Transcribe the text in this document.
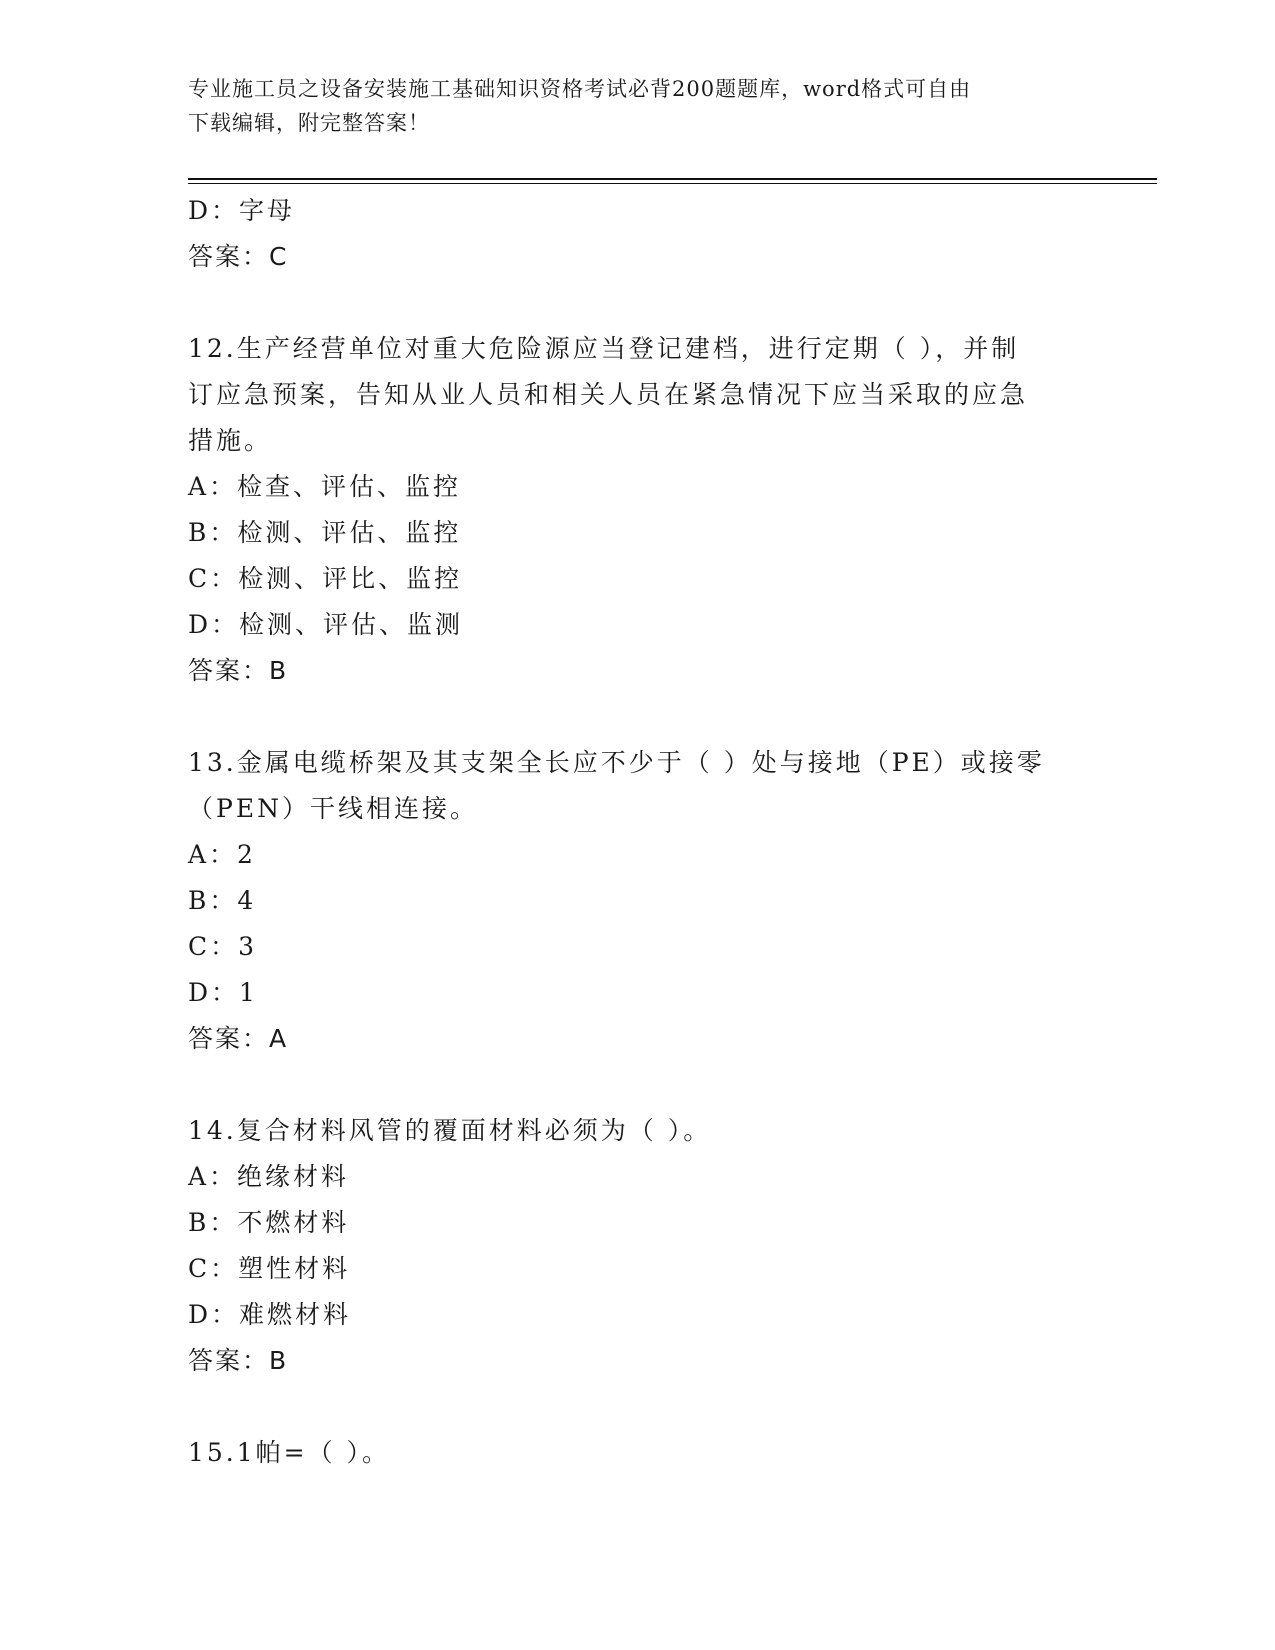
专业施工员之设备安装施工基础知识资格考试必背200题题库，word格式可自由
下载编辑，附完整答案！
D：字母
答案：C
12.生产经营单位对重大危险源应当登记建档，进行定期（ ），并制
订应急预案，告知从业人员和相关人员在紧急情况下应当采取的应急
措施。
A：检查、评估、监控
B：检测、评估、监控
C：检测、评比、监控
D：检测、评估、监测
答案：B
13.金属电缆桥架及其支架全长应不少于（ ）处与接地（PE）或接零
（PEN）干线相连接。
A：2
B：4
C：3
D：1
答案：A
14.复合材料风管的覆面材料必须为（ ）。
A：绝缘材料
B：不燃材料
C：塑性材料
D：难燃材料
答案：B
15.1帕=（ ）。
